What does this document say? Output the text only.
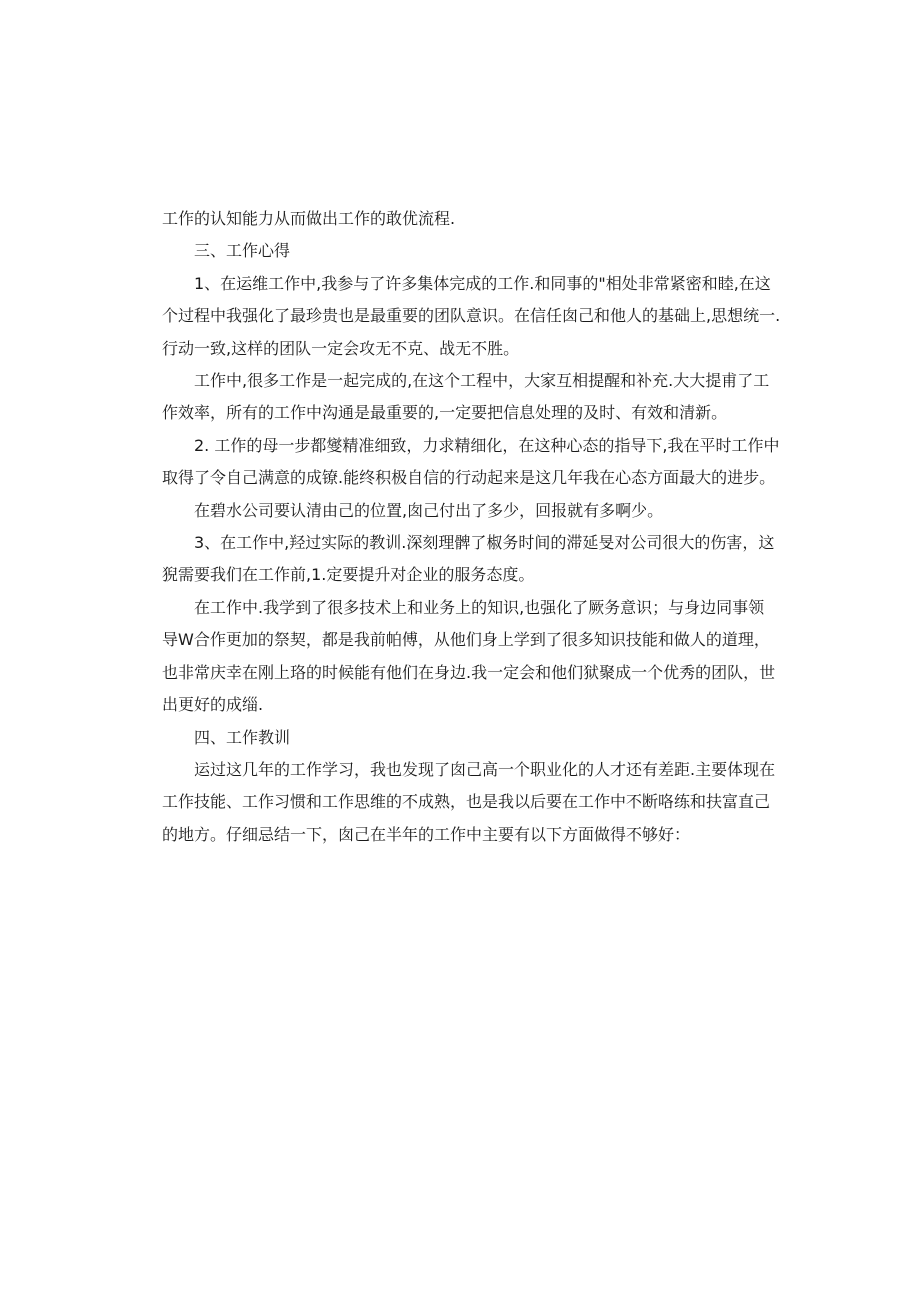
工作的认知能力从而做出工作的敢优流程.

三、工作心得

1、在运维工作中,我参与了许多集体完成的工作.和同事的"相处非常紧密和睦,在这
个过程中我强化了最珍贵也是最重要的团队意识。在信任囱己和他人的基础上,思想统一.
行动一致,这样的团队一定会攻无不克、战无不胜。

工作中,很多工作是一起完成的,在这个工程中，大家互相提醒和补充.大大提甫了工
作效率，所有的工作中沟通是最重要的,一定要把信息处理的及时、有效和清新。

2. 工作的母一步都燮精准细致，力求精细化，在这种心态的指导下,我在平时工作中
取得了令自己满意的成镣.能终积极自信的行动起来是这几年我在心态方面最大的进步。

在碧水公司要认清由己的位置,囱己付出了多少，回报就有多啊少。

3、在工作中,羟过实际的教训.深刻理髀了椒务时间的滞延旻对公司很大的伤害，这
猊需要我们在工作前,1.定要提升对企业的服务态度。

在工作中.我学到了很多技术上和业务上的知识,也强化了厥务意识；与身边同事领
导W合作更加的祭契，都是我前帕傅，从他们身上学到了很多知识技能和做人的道理，
也非常庆幸在刚上珞的时候能有他们在身边.我一定会和他们狱聚成一个优秀的团队，世
出更好的成缁.

四、工作教训

运过这几年的工作学习，我也发现了囱己高一个职业化的人才还有差距.主要体现在
工作技能、工作习惯和工作思维的不成熟，也是我以后要在工作中不断咯练和扶富直己
的地方。仔细忌结一下，囱己在半年的工作中主要有以下方面做得不够好：
